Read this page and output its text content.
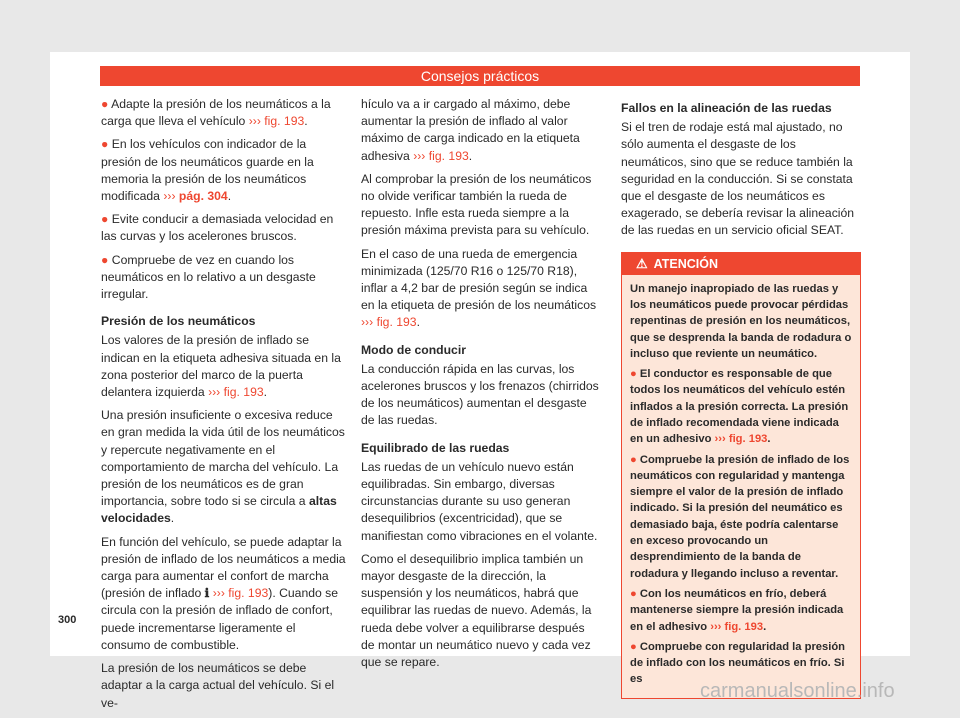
Consejos prácticos

● Adapte la presión de los neumáticos a la carga que lleva el vehículo ››› fig. 193.

● En los vehículos con indicador de la presión de los neumáticos guarde en la memoria la presión de los neumáticos modificada ››› pág. 304.

● Evite conducir a demasiada velocidad en las curvas y los acelerones bruscos.

● Compruebe de vez en cuando los neumáticos en lo relativo a un desgaste irregular.

Presión de los neumáticos

Los valores de la presión de inflado se indican en la etiqueta adhesiva situada en la zona posterior del marco de la puerta delantera izquierda ››› fig. 193.

Una presión insuficiente o excesiva reduce en gran medida la vida útil de los neumáticos y repercute negativamente en el comportamiento de marcha del vehículo. La presión de los neumáticos es de gran importancia, sobre todo si se circula a altas velocidades.

En función del vehículo, se puede adaptar la presión de inflado de los neumáticos a media carga para aumentar el confort de marcha (presión de inflado ℹ ››› fig. 193). Cuando se circula con la presión de inflado de confort, puede incrementarse ligeramente el consumo de combustible.

La presión de los neumáticos se debe adaptar a la carga actual del vehículo. Si el ve-

hículo va a ir cargado al máximo, debe aumentar la presión de inflado al valor máximo de carga indicado en la etiqueta adhesiva ››› fig. 193.

Al comprobar la presión de los neumáticos no olvide verificar también la rueda de repuesto. Infle esta rueda siempre a la presión máxima prevista para su vehículo.

En el caso de una rueda de emergencia minimizada (125/70 R16 o 125/70 R18), inflar a 4,2 bar de presión según se indica en la etiqueta de presión de los neumáticos ››› fig. 193.

Modo de conducir

La conducción rápida en las curvas, los acelerones bruscos y los frenazos (chirridos de los neumáticos) aumentan el desgaste de las ruedas.

Equilibrado de las ruedas

Las ruedas de un vehículo nuevo están equilibradas. Sin embargo, diversas circunstancias durante su uso generan desequilibrios (excentricidad), que se manifiestan como vibraciones en el volante.

Como el desequilibrio implica también un mayor desgaste de la dirección, la suspensión y los neumáticos, habrá que equilibrar las ruedas de nuevo. Además, la rueda debe volver a equilibrarse después de montar un neumático nuevo y cada vez que se repare.

Fallos en la alineación de las ruedas

Si el tren de rodaje está mal ajustado, no sólo aumenta el desgaste de los neumáticos, sino que se reduce también la seguridad en la conducción. Si se constata que el desgaste de los neumáticos es exagerado, se debería revisar la alineación de las ruedas en un servicio oficial SEAT.

⚠ ATENCIÓN

Un manejo inapropiado de las ruedas y los neumáticos puede provocar pérdidas repentinas de presión en los neumáticos, que se desprenda la banda de rodadura o incluso que reviente un neumático.

● El conductor es responsable de que todos los neumáticos del vehículo estén inflados a la presión correcta. La presión de inflado recomendada viene indicada en un adhesivo ››› fig. 193.

● Compruebe la presión de inflado de los neumáticos con regularidad y mantenga siempre el valor de la presión de inflado indicado. Si la presión del neumático es demasiado baja, éste podría calentarse en exceso provocando un desprendimiento de la banda de rodadura y llegando incluso a reventar.

● Con los neumáticos en frío, deberá mantenerse siempre la presión indicada en el adhesivo ››› fig. 193.

● Compruebe con regularidad la presión de inflado con los neumáticos en frío. Si es

300
carmanualsonline.info
